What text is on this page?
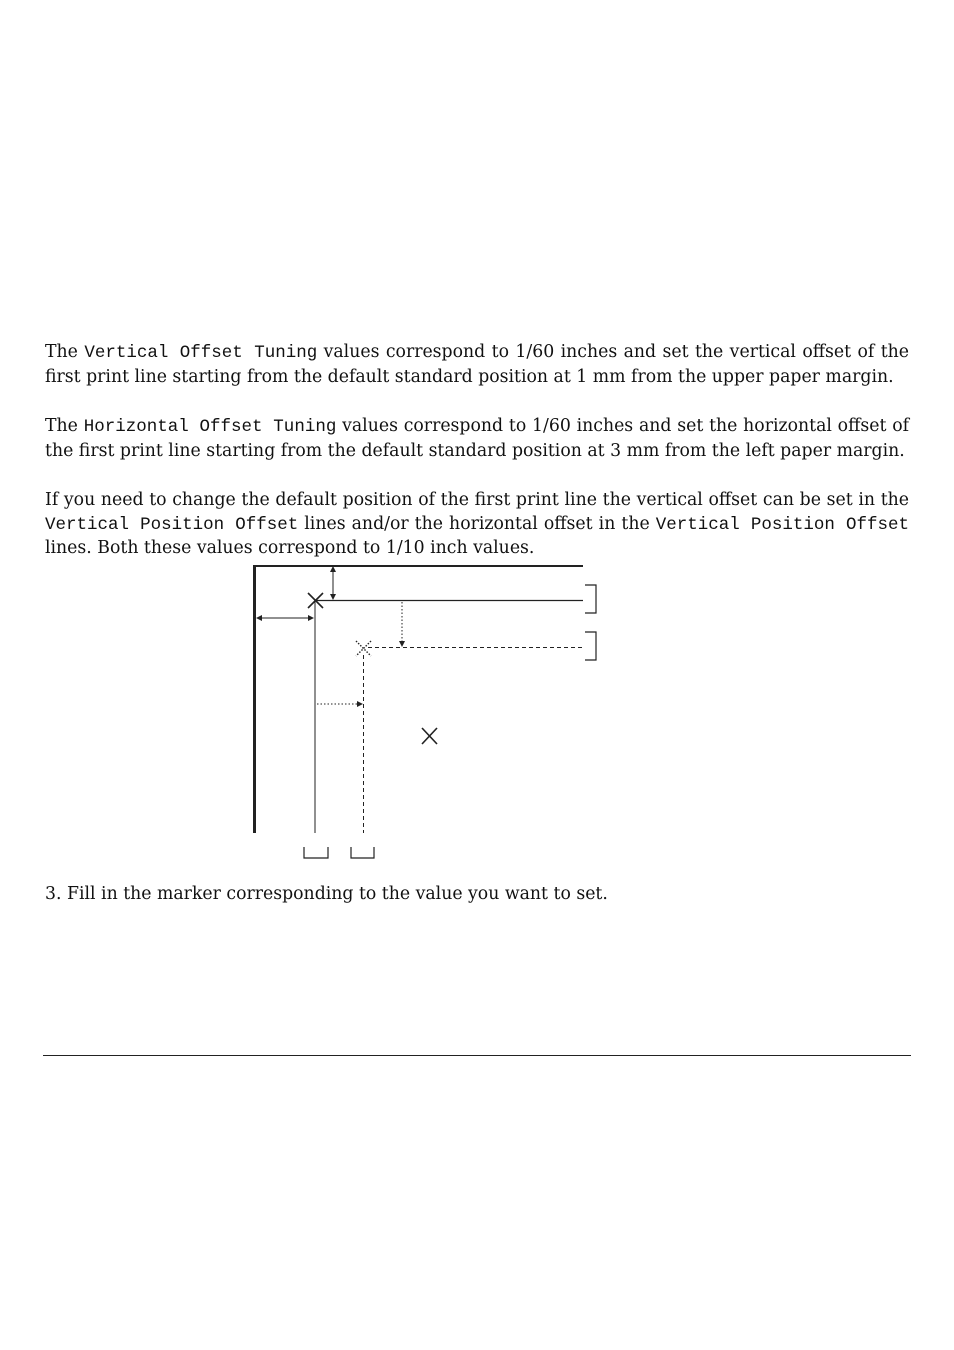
The Vertical Offset Tuning values correspond to 1/60 inches and set the vertical offset of the first print line starting from the default standard position at 1 mm from the upper paper margin.

The Horizontal Offset Tuning values correspond to 1/60 inches and set the horizontal offset of the first print line starting from the default standard position at 3 mm from the left paper margin.

If you need to change the default position of the first print line the vertical offset can be set in the Vertical Position Offset lines and/or the horizontal offset in the Vertical Position Offset lines. Both these values correspond to 1/10 inch values.

3. Fill in the marker corresponding to the value you want to set.
